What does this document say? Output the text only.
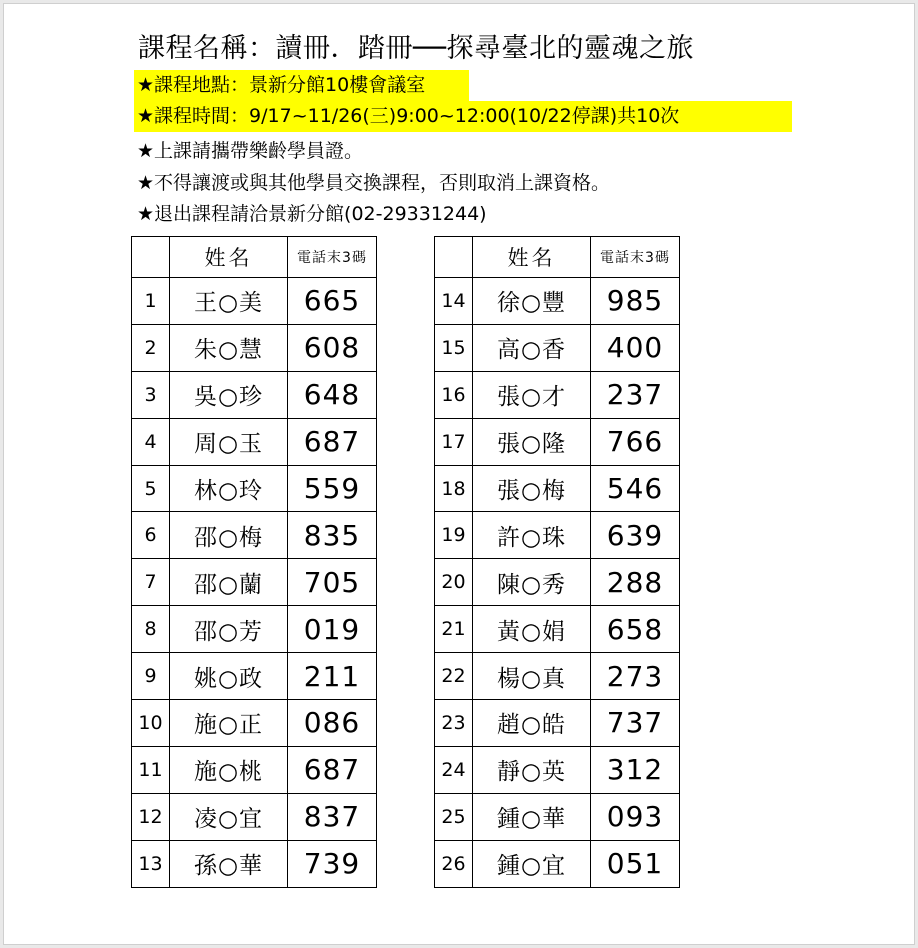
課程名稱：讀冊．踏冊──探尋臺北的靈魂之旅
★課程地點：景新分館10樓會議室
★課程時間：9/17~11/26(三)9:00~12:00(10/22停課)共10次
★上課請攜帶樂齡學員證。
★不得讓渡或與其他學員交換課程，否則取消上課資格。
★退出課程請洽景新分館(02-29331244)
	姓名	電話末3碼
1	王○美	665
2	朱○慧	608
3	吳○珍	648
4	周○玉	687
5	林○玲	559
6	邵○梅	835
7	邵○蘭	705
8	邵○芳	019
9	姚○政	211
10	施○正	086
11	施○桃	687
12	凌○宜	837
13	孫○華	739
	姓名	電話末3碼
14	徐○豐	985
15	高○香	400
16	張○才	237
17	張○隆	766
18	張○梅	546
19	許○珠	639
20	陳○秀	288
21	黃○娟	658
22	楊○真	273
23	趙○皓	737
24	靜○英	312
25	鍾○華	093
26	鍾○宜	051
